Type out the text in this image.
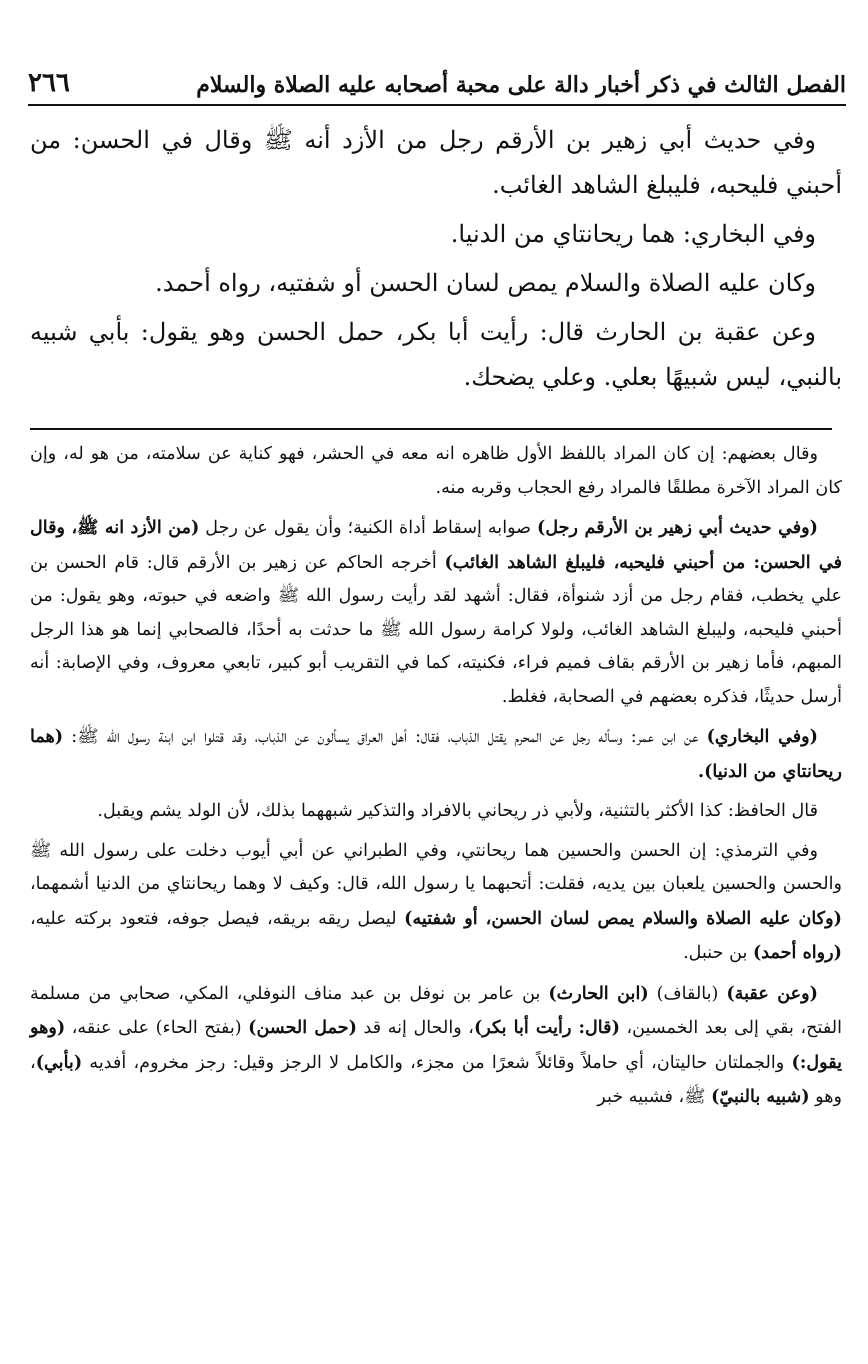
الفصل الثالث في ذكر أخبار دالة على محبة أصحابه عليه الصلاة والسلام
٢٦٦

وفي حديث أبي زهير بن الأرقم رجل من الأزد أنه ﷺ وقال في الحسن: من أحبني فليحبه، فليبلغ الشاهد الغائب.

وفي البخاري: هما ريحانتاي من الدنيا.

وكان عليه الصلاة والسلام يمص لسان الحسن أو شفتيه، رواه أحمد.

وعن عقبة بن الحارث قال: رأيت أبا بكر، حمل الحسن وهو يقول: بأبي شبيه بالنبي، ليس شبيهًا بعلي. وعلي يضحك.

وقال بعضهم: إن كان المراد باللفظ الأول ظاهره انه معه في الحشر، فهو كناية عن سلامته، من هو له، وإن كان المراد الآخرة مطلقًا فالمراد رفع الحجاب وقربه منه.

(وفي حديث أبي زهير بن الأرقم رجل) صوابه إسقاط أداة الكنية؛ وأن يقول عن رجل (من الأزد انه ﷺ، وقال في الحسن: من أحبني فليحبه، فليبلغ الشاهد الغائب) أخرجه الحاكم عن زهير بن الأرقم قال: قام الحسن بن علي يخطب، فقام رجل من أزد شنوأة، فقال: أشهد لقد رأيت رسول الله ﷺ واضعه في حبوته، وهو يقول: من أحبني فليحبه، وليبلغ الشاهد الغائب، ولولا كرامة رسول الله ﷺ ما حدثت به أحدًا، فالصحابي إنما هو هذا الرجل المبهم، فأما زهير بن الأرقم بقاف فميم فراء، فكنيته، كما في التقريب أبو كبير، تابعي معروف، وفي الإصابة: أنه أرسل حديثًا، فذكره بعضهم في الصحابة، فغلط.

(وفي البخاري) عن ابن عمر: وسأله رجل عن المحرم يقتل الذباب، فقال: أهل العراق يسألون عن الذباب، وقد قتلوا ابن ابنة رسول الله ﷺ: (هما ريحانتاي من الدنيا).

قال الحافظ: كذا الأكثر بالتثنية، ولأبي ذر ريحاني بالافراد والتذكير شبههما بذلك، لأن الولد يشم ويقبل.

وفي الترمذي: إن الحسن والحسين هما ريحانتي، وفي الطبراني عن أبي أيوب دخلت على رسول الله ﷺ والحسن والحسين يلعبان بين يديه، فقلت: أتحبهما يا رسول الله، قال: وكيف لا وهما ريحانتاي من الدنيا أشمهما، (وكان عليه الصلاة والسلام يمص لسان الحسن، أو شفتيه) ليصل ريقه بريقه، فيصل جوفه، فتعود بركته عليه، (رواه أحمد) بن حنبل.

(وعن عقبة) (بالقاف) (ابن الحارث) بن عامر بن نوفل بن عبد مناف النوفلي، المكي، صحابي من مسلمة الفتح، بقي إلى بعد الخمسين، (قال: رأيت أبا بكر)، والحال إنه قد (حمل الحسن) (بفتح الحاء) على عنقه، (وهو يقول:) والجملتان حاليتان، أي حاملاً وقائلاً شعرًا من مجزء، والكامل لا الرجز وقيل: رجز مخروم، أفديه (بأبي)، وهو (شبيه بالنبيّ) ﷺ، فشبيه خبر
